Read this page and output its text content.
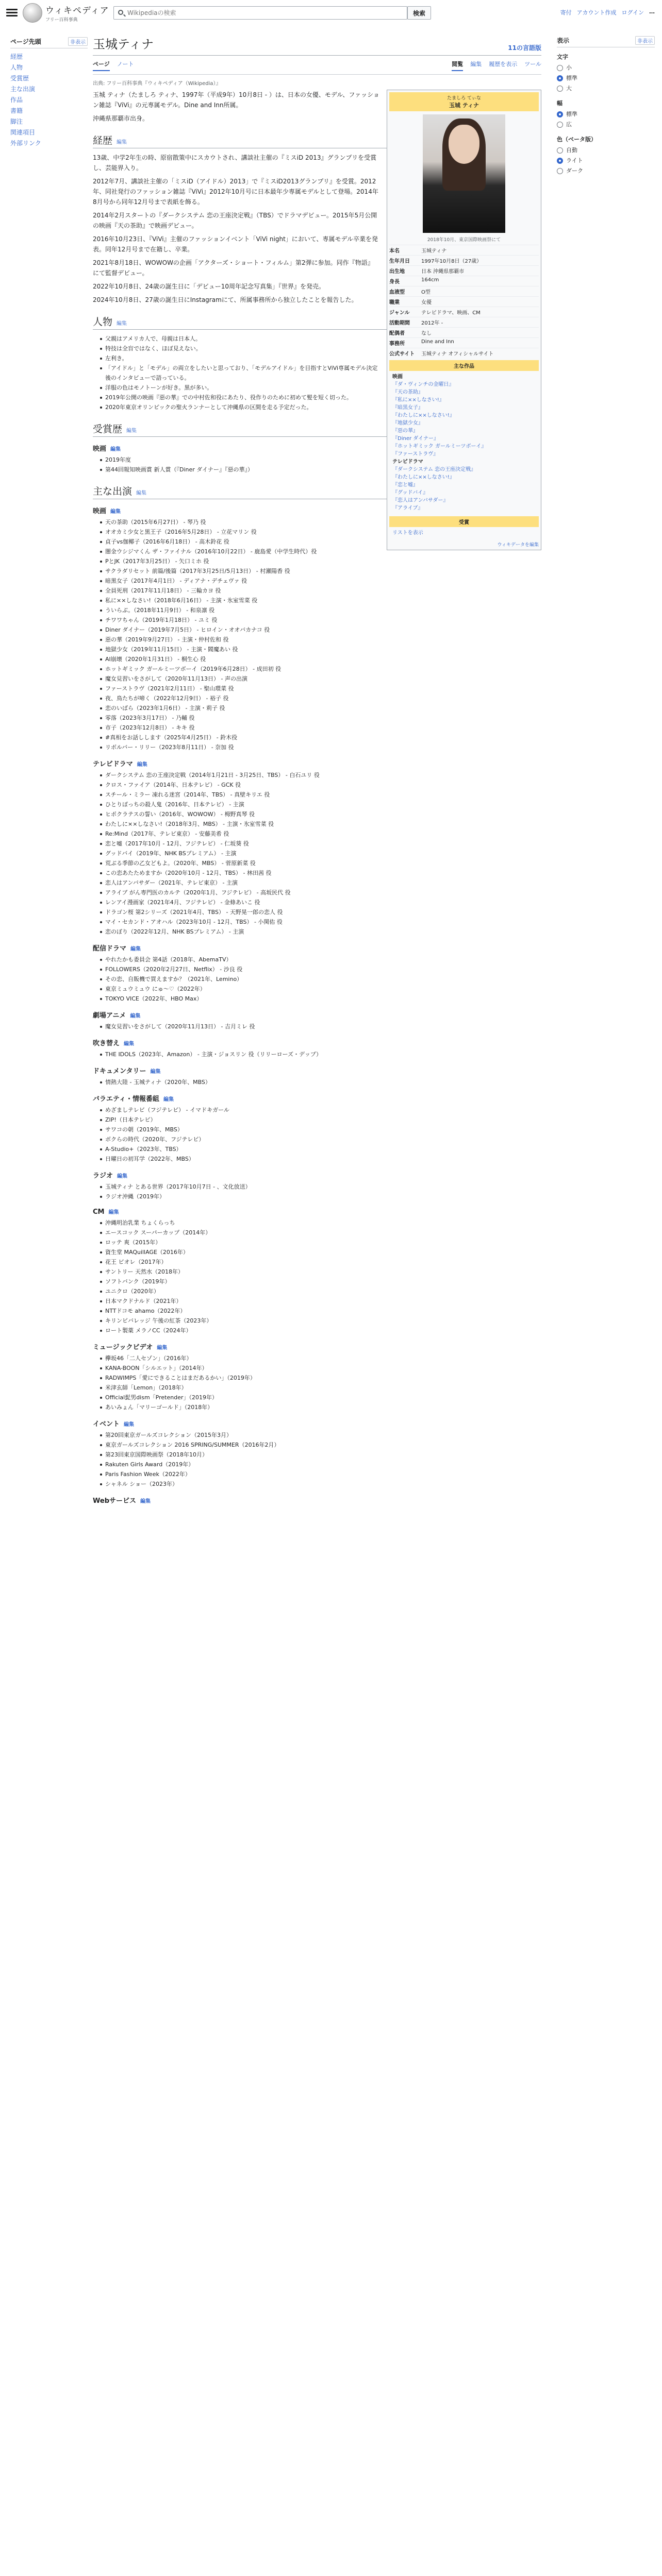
ウィキペディア
フリー百科事典
Wikipediaの検索
検索	寄付 アカウント作成 ログイン …
ページ先頭	非表示
経歴
人物
受賞歴
主な出演
作品
書籍
脚注
関連項目
外部リンク
玉城ティナ	11の言語版
ページ ノート	閲覧 編集 履歴を表示 ツール
出典: フリー百科事典『ウィキペディア（Wikipedia）』
たましろ てぃな
玉城 ティナ
2018年10月、東京国際映画祭にて
本名	玉城ティナ
生年月日	1997年10月8日（27歳）
出生地	日本 沖縄県那覇市
身長	164cm
血液型	O型
職業	女優
ジャンル	テレビドラマ、映画、CM
活動期間	2012年 -
配偶者	なし
事務所	Dine and Inn
公式サイト	玉城ティナ オフィシャルサイト
主な作品
映画
『ダ・ヴィンチの金曜日』
『天の茶助』
『私に××しなさい!』
『暗黒女子』
『わたしに××しなさい!』
『地獄少女』
『惡の華』
『Diner ダイナー』
『ホットギミック ガールミーツボーイ』
『ファーストラヴ』
テレビドラマ
『ダークシステム 恋の王座決定戦』
『わたしに××しなさい!』
『恋と嘘』
『グッドバイ』
『恋人はアンバサダー』
『アライブ』
受賞
リストを表示
ウィキデータを編集

玉城 ティナ（たましろ ティナ、1997年（平成9年）10月8日 - ）は、日本の女優、モデル、ファッション雑誌『ViVi』の元専属モデル。Dine and Inn所属。

沖縄県那覇市出身。

経歴 編集

13歳、中学2年生の時、原宿散策中にスカウトされ、講談社主催の『ミスiD 2013』グランプリを受賞し、芸能界入り。

2012年7月、講談社主催の「ミスiD（アイドル）2013」で『ミスiD2013グランプリ』を受賞。2012年、同社発行のファッション雑誌『ViVi』2012年10月号に日本最年少専属モデルとして登場。2014年8月号から同年12月号まで表紙を飾る。

2014年2月スタートの『ダークシステム 恋の王座決定戦』（TBS）でドラマデビュー。2015年5月公開の映画『天の茶助』で映画デビュー。

2016年10月23日、『ViVi』主催のファッションイベント「ViVi night」において、専属モデル卒業を発表。同年12月号まで在籍し、卒業。

2021年8月18日、WOWOWの企画「アクターズ・ショート・フィルム」第2弾に参加。同作『物語』にて監督デビュー。

2022年10月8日、24歳の誕生日に「デビュー10周年記念写真集」『世界』を発売。

2024年10月8日、27歳の誕生日にInstagramにて、所属事務所から独立したことを報告した。

人物 編集
父親はアメリカ人で、母親は日本人。
特技は全盲ではなく、ほぼ見えない。
左利き。
「アイドル」と「モデル」の両立をしたいと思っており、「モデルアイドル」を目指すとViVi専属モデル決定後のインタビューで語っている。
洋服の色はモノトーンが好き。黒が多い。
2019年公開の映画『惡の華』での中村佐和役にあたり、役作りのために初めて髪を短く切った。
2020年東京オリンピックの聖火ランナーとして沖縄県の区間を走る予定だった。
受賞歴 編集
映画 編集
2019年度
第44回報知映画賞 新人賞（『Diner ダイナー』『惡の華』）
主な出演 編集
映画 編集
天の茶助（2015年6月27日） - 琴乃 役
オオカミ少女と黒王子（2016年5月28日） - 立花マリン 役
貞子vs伽椰子（2016年6月18日） - 高木鈴花 役
闇金ウシジマくん ザ・ファイナル（2016年10月22日） - 鹿島愛（中学生時代）役
PとJK（2017年3月25日） - 矢口ミホ 役
サクラダリセット 前篇/後篇（2017年3月25日/5月13日） - 村瀬陽香 役
暗黒女子（2017年4月1日） - ディアナ・デチェヴァ 役
全員死刑（2017年11月18日） - 三輪カヨ 役
私に××しなさい!（2018年6月16日） - 主演・氷室雪菜 役
ういらぶ。（2018年11月9日） - 和泉凛 役
チワワちゃん（2019年1月18日） - ユミ 役
Diner ダイナー（2019年7月5日） - ヒロイン・オオバカナコ 役
惡の華（2019年9月27日） - 主演・仲村佐和 役
地獄少女（2019年11月15日） - 主演・閻魔あい 役
AI崩壊（2020年1月31日） - 桐生心 役
ホットギミック ガールミーツボーイ（2019年6月28日） - 成田初 役
魔女見習いをさがして（2020年11月13日） - 声の出演
ファーストラヴ（2021年2月11日） - 聖山環菜 役
夜、鳥たちが啼く（2022年12月9日） - 裕子 役
恋のいばら（2023年1月6日） - 主演・莉子 役
零落（2023年3月17日） - 乃輔 役
市子（2023年12月8日） - キキ 役
#真相をお話しします（2025年4月25日） - 鈴木役
リボルバー・リリー（2023年8月11日） - 奈加 役
テレビドラマ 編集
ダークシステム 恋の王座決定戦（2014年1月21日 - 3月25日、TBS） - 白石ユリ 役
クロス・ファイア（2014年、日本テレビ） - GCK 役
スチール・ミラー 凍れる迷宮（2014年、TBS） - 真壁キリエ 役
ひとりぼっちの殺人鬼（2016年、日本テレビ） - 主演
ヒポクラテスの誓い（2016年、WOWOW） - 栂野真琴 役
わたしに××しなさい!（2018年3月、MBS） - 主演・氷室雪菜 役
Re:Mind（2017年、テレビ東京） - 安藤美希 役
恋と嘘（2017年10月 - 12月、フジテレビ） - 仁坂葵 役
グッドバイ（2019年、NHK BSプレミアム） - 主演
荒ぶる季節の乙女どもよ。（2020年、MBS） - 菅原新菜 役
この恋あたためますか（2020年10月 - 12月、TBS） - 林田茜 役
恋人はアンバサダー（2021年、テレビ東京） - 主演
アライブ がん専門医のカルテ（2020年1月、フジテレビ） - 高坂民代 役
レンアイ漫画家（2021年4月、フジテレビ） - 金條あいこ 役
ドラゴン桜 第2シリーズ（2021年4月、TBS） - 天野晃一郎の恋人 役
マイ・セカンド・アオハル（2023年10月 - 12月、TBS） - 小関佑 役
恋のぼり（2022年12月、NHK BSプレミアム） - 主演
配信ドラマ 編集
やれたかも委員会 第4話（2018年、AbemaTV）
FOLLOWERS（2020年2月27日、Netflix） - 沙良 役
その恋、自販機で買えますか？（2021年、Lemino）
東京ミュウミュウ にゅ〜♡（2022年）
TOKYO VICE（2022年、HBO Max）
劇場アニメ 編集
魔女見習いをさがして（2020年11月13日） - 吉月ミレ 役
吹き替え 編集
THE IDOLS（2023年、Amazon） - 主演・ジョスリン 役（リリーローズ・デップ）
ドキュメンタリー 編集
情熱大陸 - 玉城ティナ（2020年、MBS）
バラエティ・情報番組 編集
めざましテレビ（フジテレビ） - イマドキガール
ZIP!（日本テレビ）
サワコの朝（2019年、MBS）
ボクらの時代（2020年、フジテレビ）
A-Studio+（2023年、TBS）
日曜日の初耳学（2022年、MBS）
ラジオ 編集
玉城ティナ とある世界（2017年10月7日 - 、文化放送）
ラジオ沖縄（2019年）
CM 編集
沖縄明治乳業 ちょくらっち
エースコック スーパーカップ（2014年）
ロッテ 爽（2015年）
資生堂 MAQuillAGE（2016年）
花王 ビオレ（2017年）
サントリー 天然水（2018年）
ソフトバンク（2019年）
ユニクロ（2020年）
日本マクドナルド（2021年）
NTTドコモ ahamo（2022年）
キリンビバレッジ 午後の紅茶（2023年）
ロート製薬 メラノCC（2024年）
ミュージックビデオ 編集
欅坂46「二人セゾン」（2016年）
KANA-BOON「シルエット」（2014年）
RADWIMPS「愛にできることはまだあるかい」（2019年）
米津玄師「Lemon」（2018年）
Official髭男dism「Pretender」（2019年）
あいみょん「マリーゴールド」（2018年）
イベント 編集
第20回東京ガールズコレクション（2015年3月）
東京ガールズコレクション 2016 SPRING/SUMMER（2016年2月）
第23回東京国際映画祭（2018年10月）
Rakuten Girls Award（2019年）
Paris Fashion Week（2022年）
シャネル ショー（2023年）
Webサービス 編集
表示	非表示
文字
小
標準
大
幅
標準
広
色（ベータ版）
自動
ライト
ダーク
